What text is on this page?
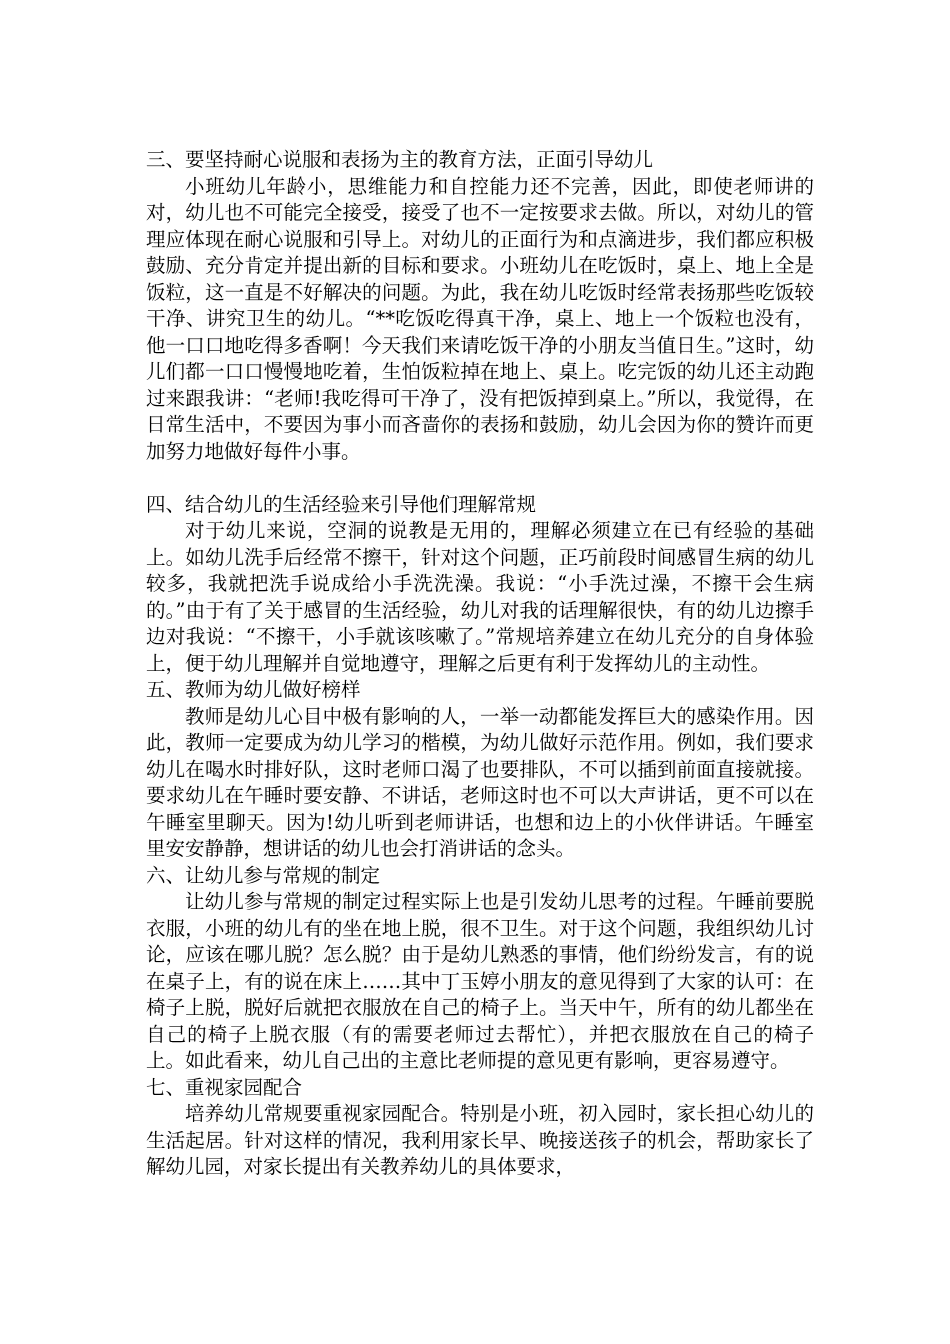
三、要坚持耐心说服和表扬为主的教育方法，正面引导幼儿

小班幼儿年龄小，思维能力和自控能力还不完善，因此，即使老师讲的对，幼儿也不可能完全接受，接受了也不一定按要求去做。所以，对幼儿的管理应体现在耐心说服和引导上。对幼儿的正面行为和点滴进步，我们都应积极鼓励、充分肯定并提出新的目标和要求。小班幼儿在吃饭时，桌上、地上全是饭粒，这一直是不好解决的问题。为此，我在幼儿吃饭时经常表扬那些吃饭较干净、讲究卫生的幼儿。“**吃饭吃得真干净，桌上、地上一个饭粒也没有，他一口口地吃得多香啊！今天我们来请吃饭干净的小朋友当值日生。”这时，幼儿们都一口口慢慢地吃着，生怕饭粒掉在地上、桌上。吃完饭的幼儿还主动跑过来跟我讲：“老师!我吃得可干净了，没有把饭掉到桌上。”所以，我觉得，在日常生活中，不要因为事小而吝啬你的表扬和鼓励，幼儿会因为你的赞许而更加努力地做好每件小事。

四、结合幼儿的生活经验来引导他们理解常规

对于幼儿来说，空洞的说教是无用的，理解必须建立在已有经验的基础上。如幼儿洗手后经常不擦干，针对这个问题，正巧前段时间感冒生病的幼儿较多，我就把洗手说成给小手洗洗澡。我说：“小手洗过澡，不擦干会生病的。”由于有了关于感冒的生活经验，幼儿对我的话理解很快，有的幼儿边擦手边对我说：“不擦干，小手就该咳嗽了。”常规培养建立在幼儿充分的自身体验上，便于幼儿理解并自觉地遵守，理解之后更有利于发挥幼儿的主动性。

五、教师为幼儿做好榜样

教师是幼儿心目中极有影响的人，一举一动都能发挥巨大的感染作用。因此，教师一定要成为幼儿学习的楷模，为幼儿做好示范作用。例如，我们要求幼儿在喝水时排好队，这时老师口渴了也要排队，不可以插到前面直接就接。要求幼儿在午睡时要安静、不讲话，老师这时也不可以大声讲话，更不可以在午睡室里聊天。因为!幼儿听到老师讲话，也想和边上的小伙伴讲话。午睡室里安安静静，想讲话的幼儿也会打消讲话的念头。

六、让幼儿参与常规的制定

让幼儿参与常规的制定过程实际上也是引发幼儿思考的过程。午睡前要脱衣服，小班的幼儿有的坐在地上脱，很不卫生。对于这个问题，我组织幼儿讨论，应该在哪儿脱？怎么脱？由于是幼儿熟悉的事情，他们纷纷发言，有的说在桌子上，有的说在床上……其中丁玉婷小朋友的意见得到了大家的认可：在椅子上脱，脱好后就把衣服放在自己的椅子上。当天中午，所有的幼儿都坐在自己的椅子上脱衣服（有的需要老师过去帮忙），并把衣服放在自己的椅子上。如此看来，幼儿自己出的主意比老师提的意见更有影响，更容易遵守。

七、重视家园配合

培养幼儿常规要重视家园配合。特别是小班，初入园时，家长担心幼儿的生活起居。针对这样的情况，我利用家长早、晚接送孩子的机会，帮助家长了解幼儿园，对家长提出有关教养幼儿的具体要求，
